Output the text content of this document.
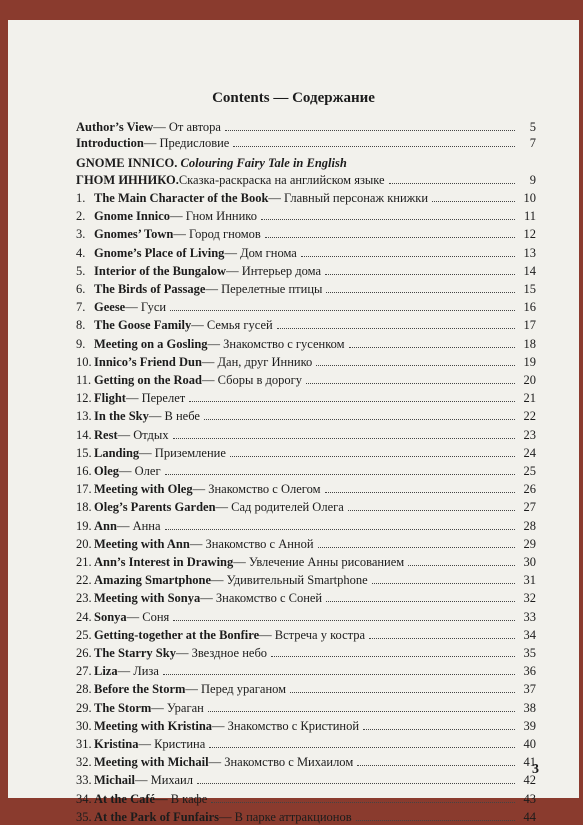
Contents — Содержание
Author’s View — От автора	5
Introduction — Предисловие	7
ГНОМ ИННИКО. Сказка-раскраска на английском языке	9
1. The Main Character of the Book — Главный персонаж книжки	10
2. Gnome Innico — Гном Иннико	11
3. Gnomes’ Town — Город гномов	12
4. Gnome’s Place of Living — Дом гнома	13
5. Interior of the Bungalow — Интерьер дома	14
6. The Birds of Passage — Перелетные птицы	15
7. Geese — Гуси	16
8. The Goose Family — Семья гусей	17
9. Meeting on a Gosling — Знакомство с гусенком	18
10. Innico’s Friend Dun — Дан, друг Иннико	19
11. Getting on the Road — Сборы в дорогу	20
12. Flight — Перелет	21
13. In the Sky — В небе	22
14. Rest — Отдых	23
15. Landing — Приземление	24
16. Oleg — Олег	25
17. Meeting with Oleg — Знакомство с Олегом	26
18. Oleg’s Parents Garden — Сад родителей Олега	27
19. Ann — Анна	28
20. Meeting with Ann — Знакомство с Анной	29
21. Ann’s Interest in Drawing — Увлечение Анны рисованием	30
22. Amazing Smartphone — Удивительный Smartphone	31
23. Meeting with Sonya — Знакомство с Соней	32
24. Sonya — Соня	33
25. Getting-together at the Bonfire — Встреча у костра	34
26. The Starry Sky — Звездное небо	35
27. Liza — Лиза	36
28. Before the Storm — Перед ураганом	37
29. The Storm — Ураган	38
30. Meeting with Kristina — Знакомство с Кристиной	39
31. Kristina — Кристина	40
32. Meeting with Michail — Знакомство с Михаилом	41
33. Michail — Михаил	42
34. At the Café — В кафе	43
35. At the Park of Funfairs — В парке аттракционов	44
GNOME INNICO. Colouring Fairy Tale in English
3
